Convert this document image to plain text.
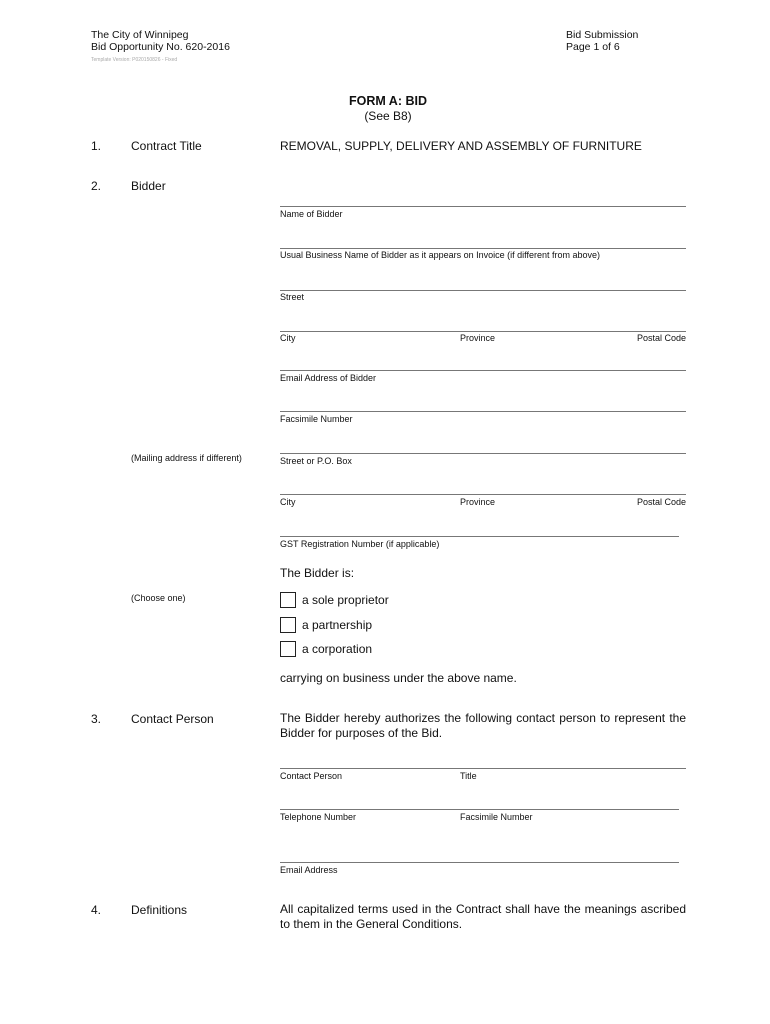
The City of Winnipeg
Bid Opportunity No. 620-2016
Template Version: P020150826 - Fixed
Bid Submission
Page 1 of 6
FORM A: BID
(See B8)
1. Contract Title	REMOVAL, SUPPLY, DELIVERY AND ASSEMBLY OF FURNITURE
2. Bidder
Name of Bidder
Usual Business Name of Bidder as it appears on Invoice (if different from above)
Street
City	Province	Postal Code
Email Address of Bidder
Facsimile Number
(Mailing address if different)	Street or P.O. Box
City	Province	Postal Code
GST Registration Number (if applicable)
The Bidder is:
(Choose one)	a sole proprietor
a partnership
a corporation
carrying on business under the above name.
3. Contact Person	The Bidder hereby authorizes the following contact person to represent the Bidder for purposes of the Bid.
Contact Person	Title
Telephone Number	Facsimile Number
Email Address
4. Definitions	All capitalized terms used in the Contract shall have the meanings ascribed to them in the General Conditions.
